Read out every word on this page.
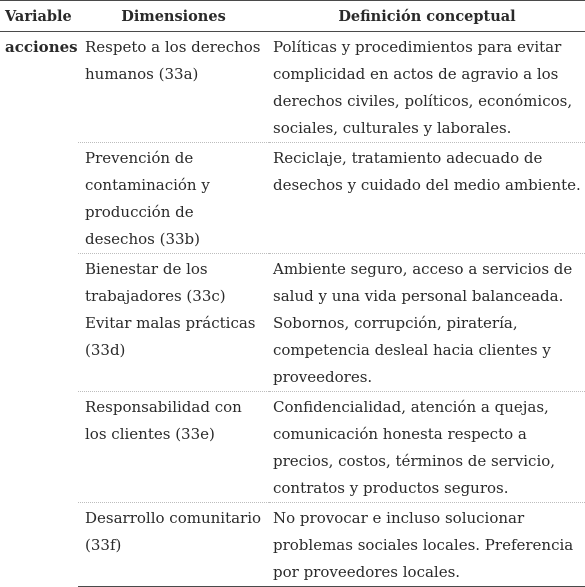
Variable	Dimensiones	Definición conceptual
acciones	Respeto a los derechos humanos (33a)	Políticas y procedimientos para evitar complicidad en actos de agravio a los derechos civiles, políticos, económicos, sociales, culturales y laborales.
	Prevención de contaminación y producción de desechos (33b)	Reciclaje, tratamiento adecuado de desechos y cuidado del medio ambiente.
	Bienestar de los trabajadores (33c)	Ambiente seguro, acceso a servicios de salud y una vida personal balanceada.
	Evitar malas prácticas (33d)	Sobornos, corrupción, piratería, competencia desleal hacia clientes y proveedores.
	Responsabilidad con los clientes (33e)	Confidencialidad, atención a quejas, comunicación honesta respecto a precios, costos, términos de servicio, contratos y productos seguros.
	Desarrollo comunitario (33f)	No provocar e incluso solucionar problemas sociales locales. Preferencia por proveedores locales.
